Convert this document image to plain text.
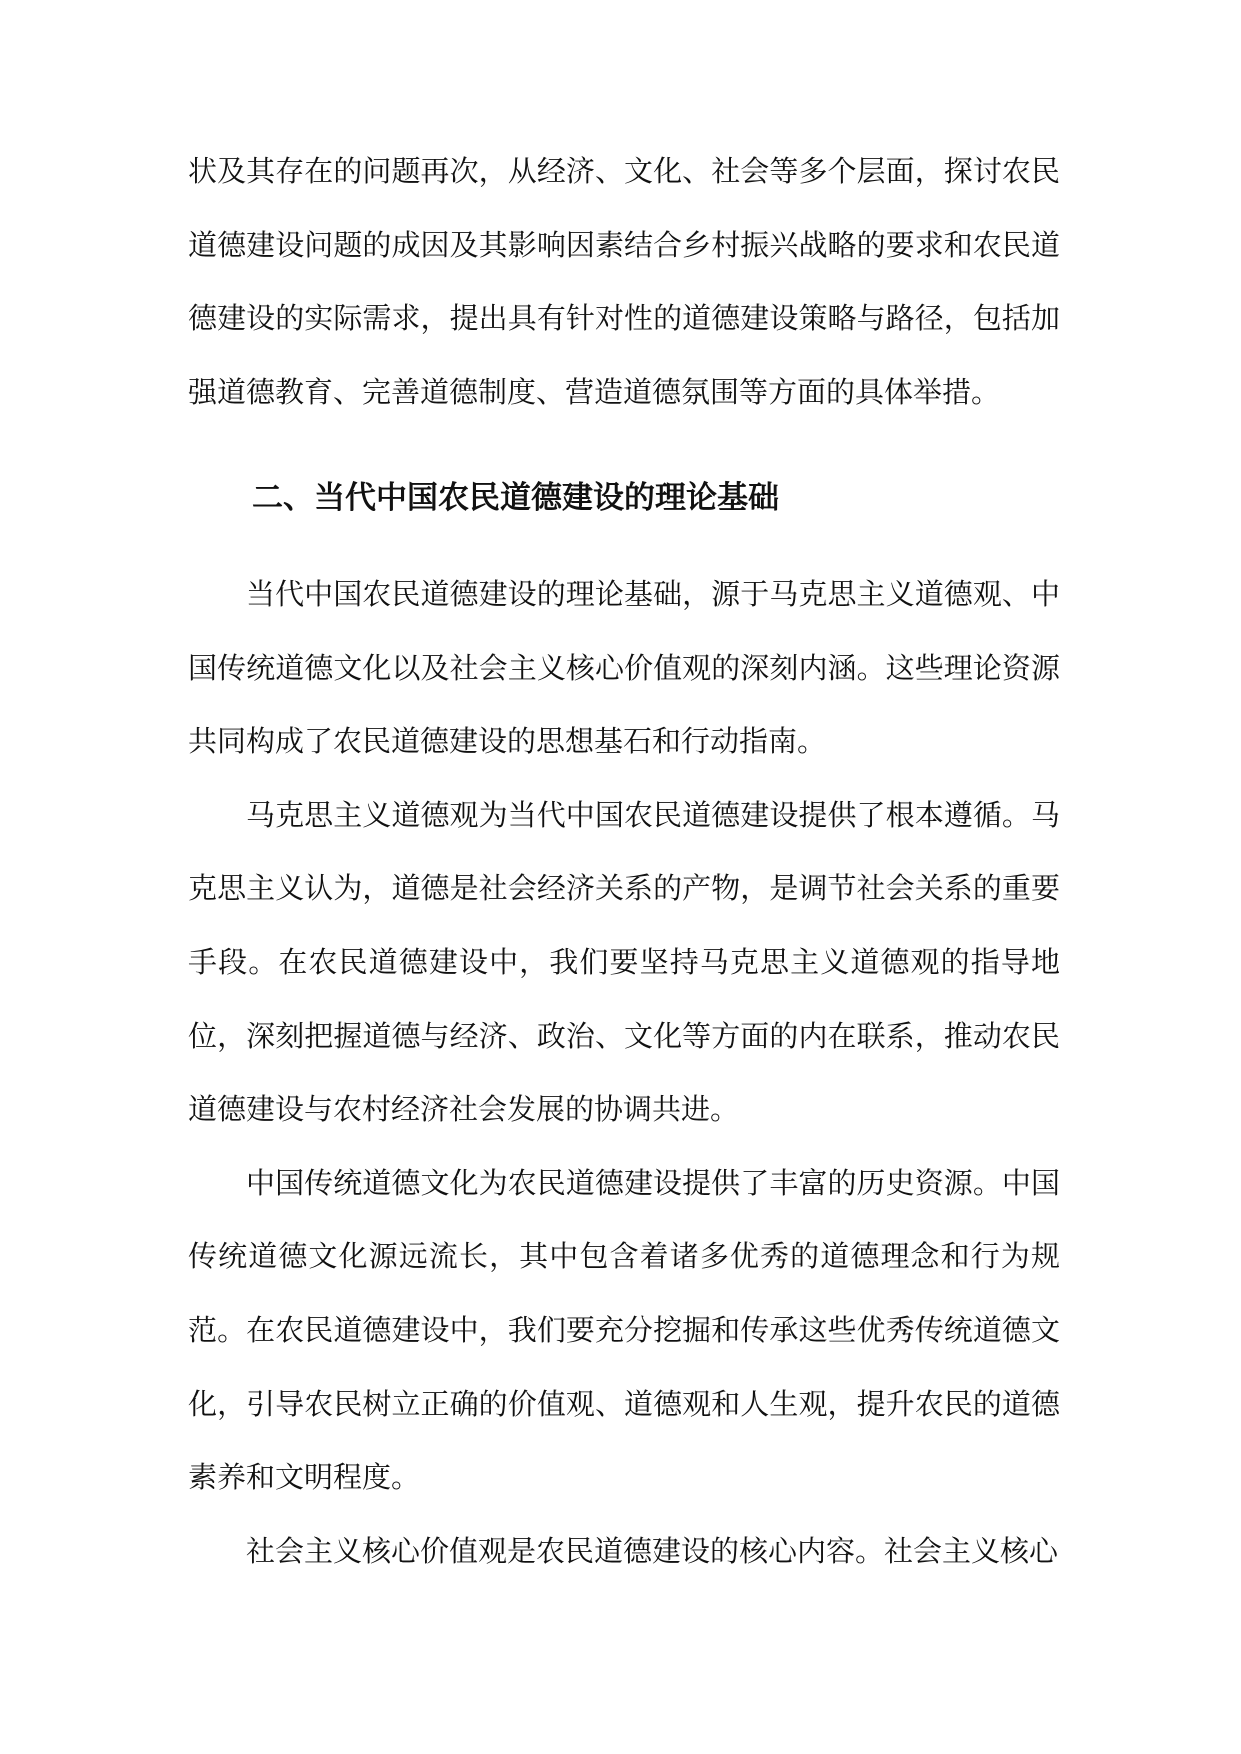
状及其存在的问题再次，从经济、文化、社会等多个层面，探讨农民道德建设问题的成因及其影响因素结合乡村振兴战略的要求和农民道德建设的实际需求，提出具有针对性的道德建设策略与路径，包括加强道德教育、完善道德制度、营造道德氛围等方面的具体举措。

二、当代中国农民道德建设的理论基础

当代中国农民道德建设的理论基础，源于马克思主义道德观、中国传统道德文化以及社会主义核心价值观的深刻内涵。这些理论资源共同构成了农民道德建设的思想基石和行动指南。

马克思主义道德观为当代中国农民道德建设提供了根本遵循。马克思主义认为，道德是社会经济关系的产物，是调节社会关系的重要手段。在农民道德建设中，我们要坚持马克思主义道德观的指导地位，深刻把握道德与经济、政治、文化等方面的内在联系，推动农民道德建设与农村经济社会发展的协调共进。

中国传统道德文化为农民道德建设提供了丰富的历史资源。中国传统道德文化源远流长，其中包含着诸多优秀的道德理念和行为规范。在农民道德建设中，我们要充分挖掘和传承这些优秀传统道德文化，引导农民树立正确的价值观、道德观和人生观，提升农民的道德素养和文明程度。

社会主义核心价值观是农民道德建设的核心内容。社会主义核心
